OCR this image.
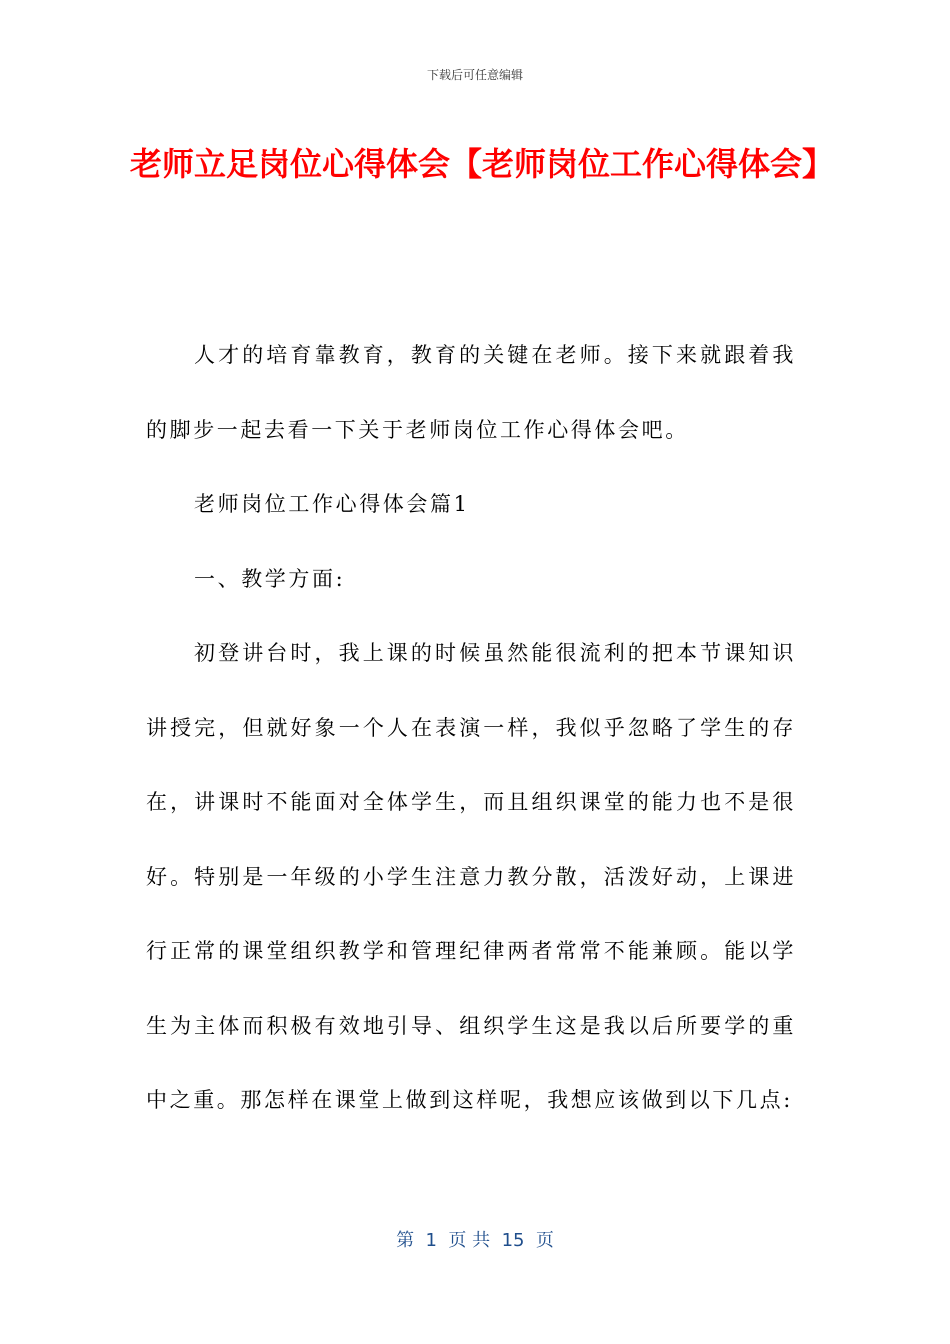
下载后可任意编辑
老师立足岗位心得体会【老师岗位工作心得体会】

人才的培育靠教育，教育的关键在老师。接下来就跟着我的脚步一起去看一下关于老师岗位工作心得体会吧。

老师岗位工作心得体会篇1

一、教学方面:

初登讲台时，我上课的时候虽然能很流利的把本节课知识讲授完，但就好象一个人在表演一样，我似乎忽略了学生的存在，讲课时不能面对全体学生，而且组织课堂的能力也不是很好。特别是一年级的小学生注意力教分散，活泼好动，上课进行正常的课堂组织教学和管理纪律两者常常不能兼顾。能以学生为主体而积极有效地引导、组织学生这是我以后所要学的重中之重。那怎样在课堂上做到这样呢，我想应该做到以下几点:

第  1  页 共  15  页
